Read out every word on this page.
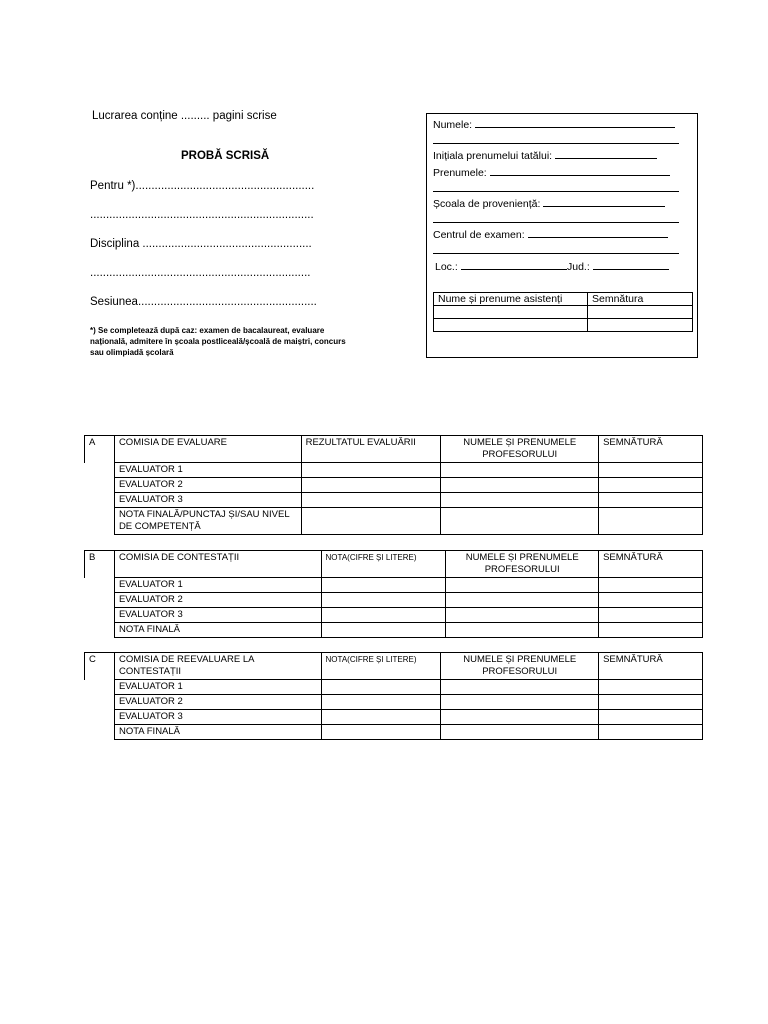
Lucrarea conține ......... pagini scrise
PROBĂ SCRISĂ
Pentru *)........................................................
......................................................................
Disciplina .....................................................
.....................................................................
Sesiunea........................................................
*) Se completează după caz: examen de bacalaureat, evaluare națională, admitere în școala postliceală/școală de maiștri, concurs sau olimpiadă școlară
Numele:
Inițiala prenumelui tatălui:
Prenumele:
Școala de proveniență:
Centrul de examen:
Loc.:	Jud.:
Nume și prenume asistenți	Semnătura

A	COMISIA DE EVALUARE	REZULTATUL EVALUĂRII	NUMELE ȘI PRENUMELE PROFESORULUI	SEMNĂTURĂ
	EVALUATOR 1			
	EVALUATOR 2			
	EVALUATOR 3			
	NOTA FINALĂ/PUNCTAJ ȘI/SAU NIVEL DE COMPETENȚĂ			
B	COMISIA DE CONTESTAȚII	NOTA(CIFRE ȘI LITERE)	NUMELE ȘI PRENUMELE PROFESORULUI	SEMNĂTURĂ
	EVALUATOR 1			
	EVALUATOR 2			
	EVALUATOR 3			
	NOTA FINALĂ			
C	COMISIA DE REEVALUARE LA CONTESTAȚII	NOTA(CIFRE ȘI LITERE)	NUMELE ȘI PRENUMELE PROFESORULUI	SEMNĂTURĂ
	EVALUATOR 1			
	EVALUATOR 2			
	EVALUATOR 3			
	NOTA FINALĂ			
